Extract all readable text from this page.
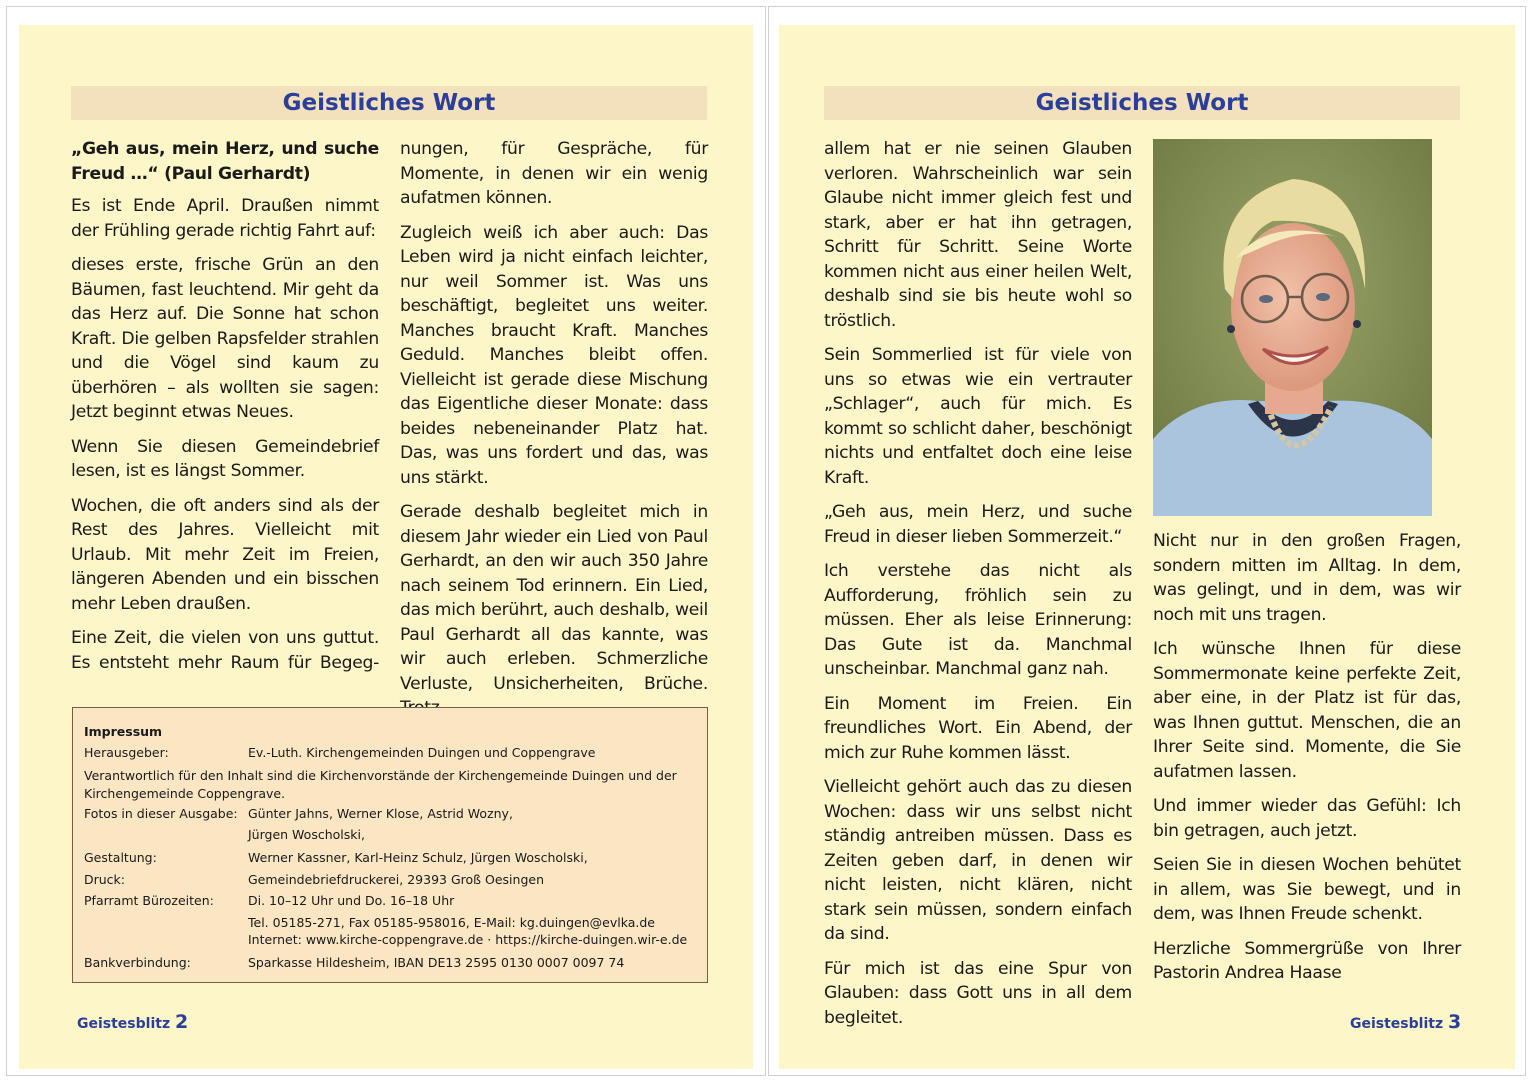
Geistliches Wort

„Geh aus, mein Herz, und suche Freud …“ (Paul Gerhardt)

Es ist Ende April. Draußen nimmt der Frühling gerade richtig Fahrt auf:

dieses erste, frische Grün an den Bäumen, fast leuchtend. Mir geht da das Herz auf. Die Sonne hat schon Kraft. Die gelben Rapsfelder strahlen und die Vögel sind kaum zu überhören – als wollten sie sagen: Jetzt beginnt etwas Neues.

Wenn Sie diesen Gemeindebrief lesen, ist es längst Sommer.

Wochen, die oft anders sind als der Rest des Jahres. Vielleicht mit Urlaub. Mit mehr Zeit im Freien, längeren Abenden und ein bisschen mehr Leben draußen.

Eine Zeit, die vielen von uns guttut. Es entsteht mehr Raum für Begeg-

nungen, für Gespräche, für Momente, in denen wir ein wenig aufatmen können.

Zugleich weiß ich aber auch: Das Leben wird ja nicht einfach leichter, nur weil Sommer ist. Was uns beschäftigt, begleitet uns weiter. Manches braucht Kraft. Manches Geduld. Manches bleibt offen. Vielleicht ist gerade diese Mischung das Eigentliche dieser Monate: dass beides nebeneinander Platz hat. Das, was uns fordert und das, was uns stärkt.

Gerade deshalb begleitet mich in diesem Jahr wieder ein Lied von Paul Gerhardt, an den wir auch 350 Jahre nach seinem Tod erinnern. Ein Lied, das mich berührt, auch deshalb, weil Paul Gerhardt all das kannte, was wir auch erleben. Schmerzliche Verluste, Unsicherheiten, Brüche.

Impressum
Herausgeber:	Ev.-Luth. Kirchengemeinden Duingen und Coppengrave
Verantwortlich für den Inhalt sind die Kirchenvorstände der Kirchengemeinde Duingen und der Kirchengemeinde Coppengrave.
Fotos in dieser Ausgabe: Günter Jahns, Werner Klose, Astrid Wozny,
Jürgen Woscholski,
Gestaltung:	Werner Kassner, Karl-Heinz Schulz, Jürgen Woscholski,
Druck:	Gemeindebriefdruckerei, 29393 Groß Oesingen
Pfarramt Bürozeiten:	Di. 10–12 Uhr und Do. 16–18 Uhr
Tel. 05185-271, Fax 05185-958016, E-Mail: kg.duingen@evlka.de
Internet: www.kirche-coppengrave.de · https://kirche-duingen.wir-e.de
Bankverbindung:	Sparkasse Hildesheim, IBAN DE13 2595 0130 0007 0097 74
Geistesblitz 2
Geistliches Wort

allem hat er nie seinen Glauben verloren. Wahrscheinlich war sein Glaube nicht immer gleich fest und stark, aber er hat ihn getragen, Schritt für Schritt. Seine Worte kommen nicht aus einer heilen Welt, deshalb sind sie bis heute wohl so tröstlich.

Sein Sommerlied ist für viele von uns so etwas wie ein vertrauter „Schlager“, auch für mich. Es kommt so schlicht daher, beschönigt nichts und entfaltet doch eine leise Kraft.

„Geh aus, mein Herz, und suche Freud in dieser lieben Sommerzeit.“

Ich verstehe das nicht als Aufforderung, fröhlich sein zu müssen. Eher als leise Erinnerung: Das Gute ist da. Manchmal unscheinbar. Manchmal ganz nah.

Ein Moment im Freien. Ein freundliches Wort. Ein Abend, der mich zur Ruhe kommen lässt.

Vielleicht gehört auch das zu diesen Wochen: dass wir uns selbst nicht ständig antreiben müssen. Dass es Zeiten geben darf, in denen wir nicht leisten, nicht klären, nicht stark sein müssen, sondern einfach da sind.

Für mich ist das eine Spur von Glauben: dass Gott uns in all dem begleitet.

Nicht nur in den großen Fragen, sondern mitten im Alltag. In dem, was gelingt, und in dem, was wir noch mit uns tragen.

Ich wünsche Ihnen für diese Sommermonate keine perfekte Zeit, aber eine, in der Platz ist für das, was Ihnen guttut. Menschen, die an Ihrer Seite sind. Momente, die Sie aufatmen lassen.

Und immer wieder das Gefühl: Ich bin getragen, auch jetzt.

Seien Sie in diesen Wochen behütet in allem, was Sie bewegt, und in dem, was Ihnen Freude schenkt.

Herzliche Sommergrüße von Ihrer Pastorin Andrea Haase

Geistesblitz 3
